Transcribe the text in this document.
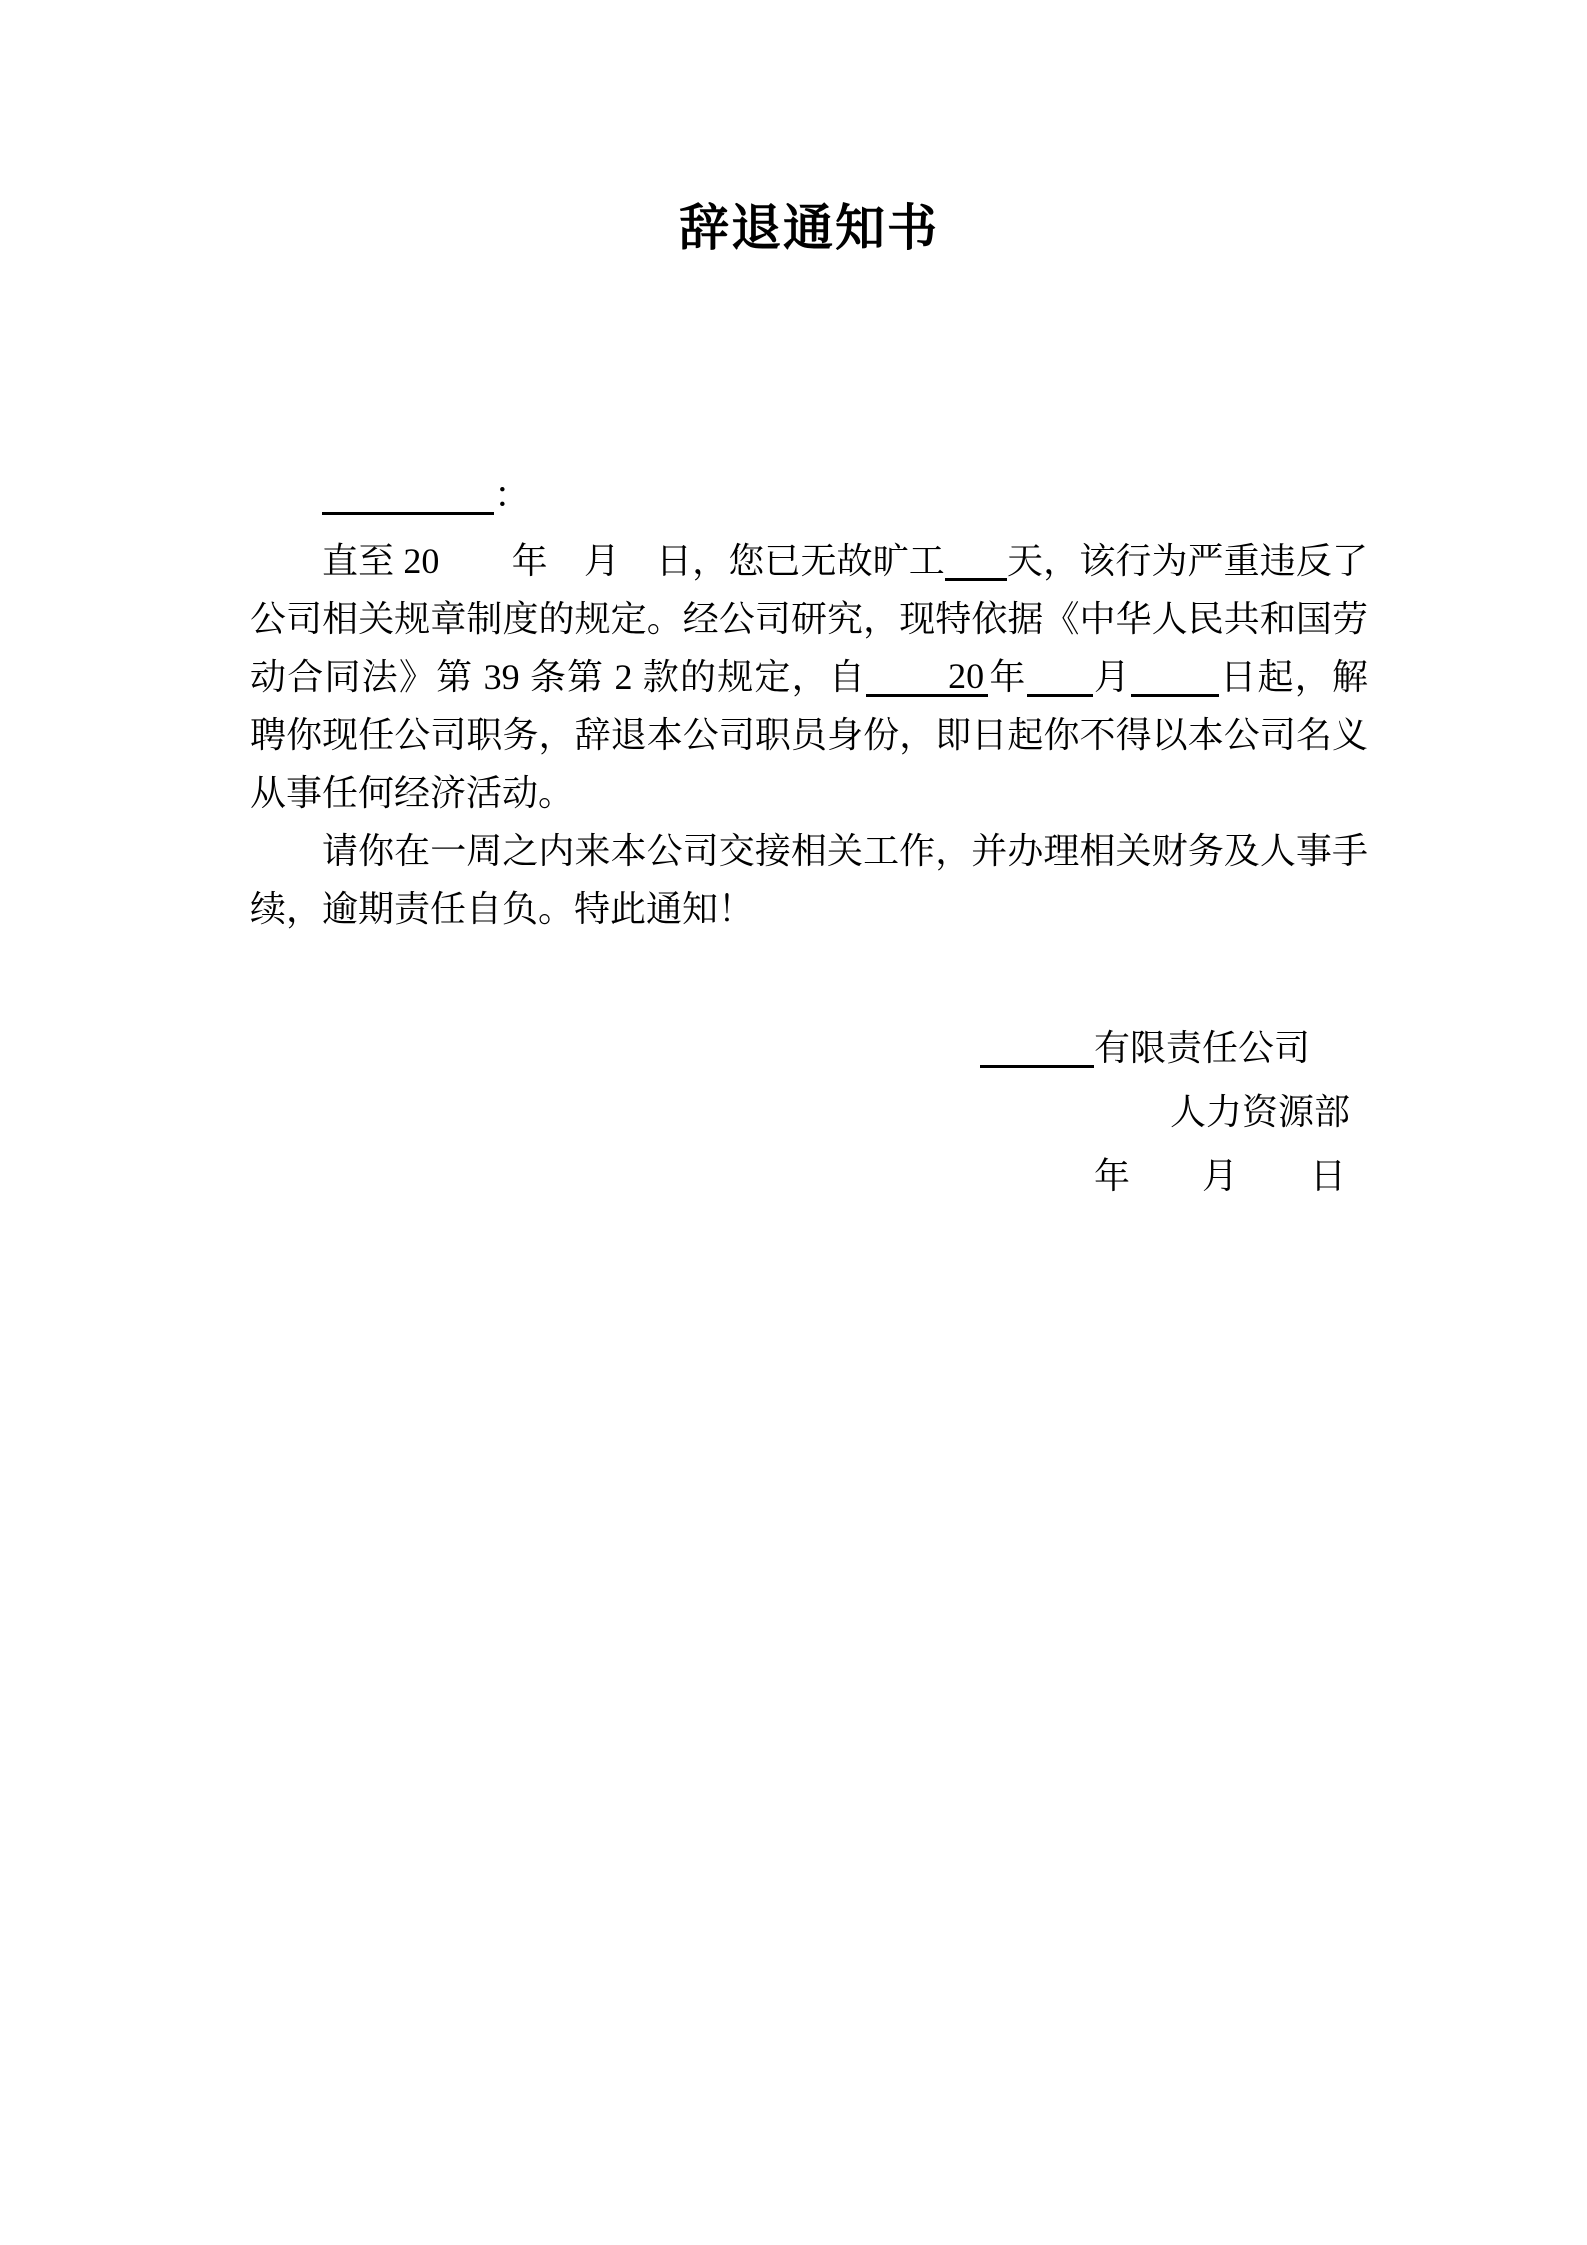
辞退通知书
：

直至 20　　年　月　日，您已无故旷工 天，该行为严重违反了公司相关规章制度的规定。经公司研究，现特依据《中华人民共和国劳动合同法》第 39 条第 2 款的规定，自 20 年 月 日起，解聘你现任公司职务，辞退本公司职员身份，即日起你不得以本公司名义从事任何经济活动。

请你在一周之内来本公司交接相关工作，并办理相关财务及人事手续，逾期责任自负。特此通知！

有限责任公司
人力资源部
年　　月　　日
